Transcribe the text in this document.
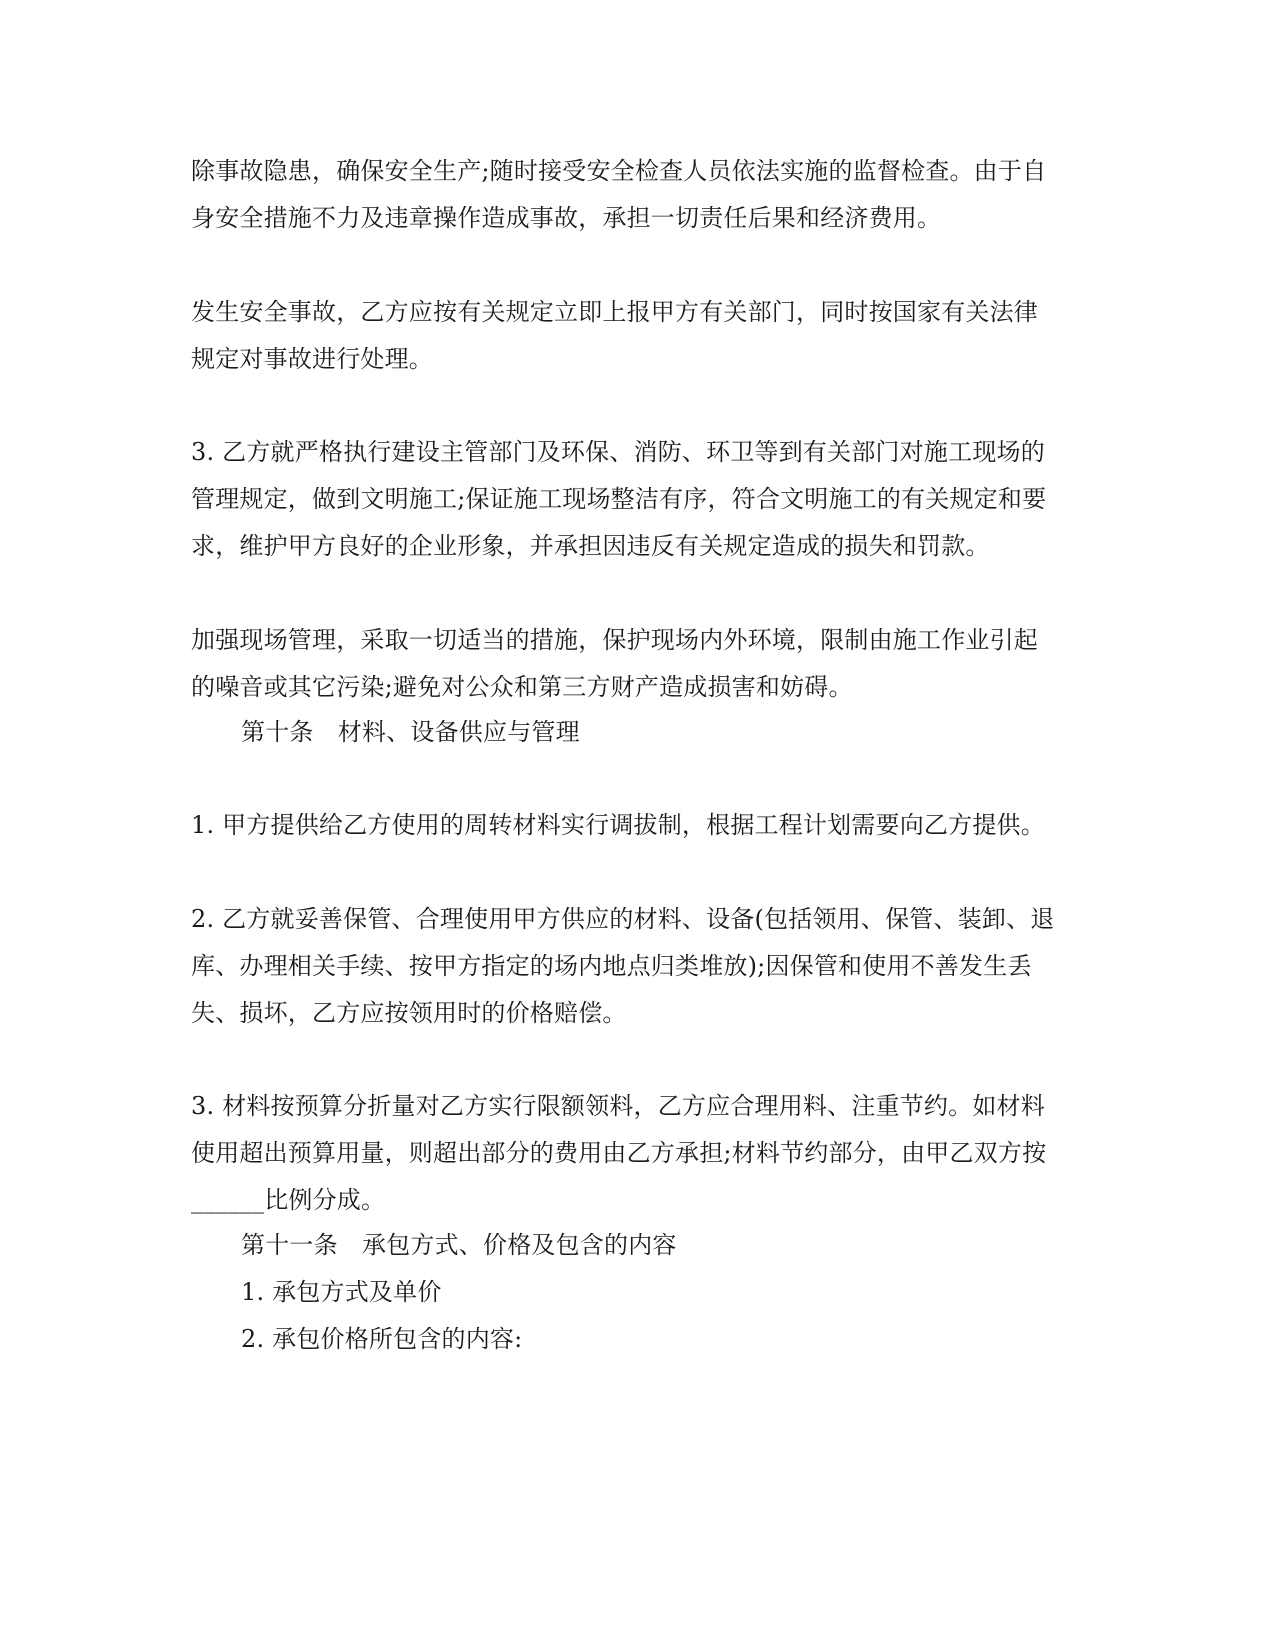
除事故隐患，确保安全生产;随时接受安全检查人员依法实施的监督检查。由于自
身安全措施不力及违章操作造成事故，承担一切责任后果和经济费用。
发生安全事故，乙方应按有关规定立即上报甲方有关部门，同时按国家有关法律
规定对事故进行处理。
3. 乙方就严格执行建设主管部门及环保、消防、环卫等到有关部门对施工现场的
管理规定，做到文明施工;保证施工现场整洁有序，符合文明施工的有关规定和要
求，维护甲方良好的企业形象，并承担因违反有关规定造成的损失和罚款。
加强现场管理，采取一切适当的措施，保护现场内外环境，限制由施工作业引起
的噪音或其它污染;避免对公众和第三方财产造成损害和妨碍。
第十条　材料、设备供应与管理
1. 甲方提供给乙方使用的周转材料实行调拔制，根据工程计划需要向乙方提供。
2. 乙方就妥善保管、合理使用甲方供应的材料、设备(包括领用、保管、装卸、退
库、办理相关手续、按甲方指定的场内地点归类堆放);因保管和使用不善发生丢
失、损坏，乙方应按领用时的价格赔偿。
3. 材料按预算分折量对乙方实行限额领料，乙方应合理用料、注重节约。如材料
使用超出预算用量，则超出部分的费用由乙方承担;材料节约部分，由甲乙双方按
______比例分成。
第十一条　承包方式、价格及包含的内容
1. 承包方式及单价
2. 承包价格所包含的内容:
